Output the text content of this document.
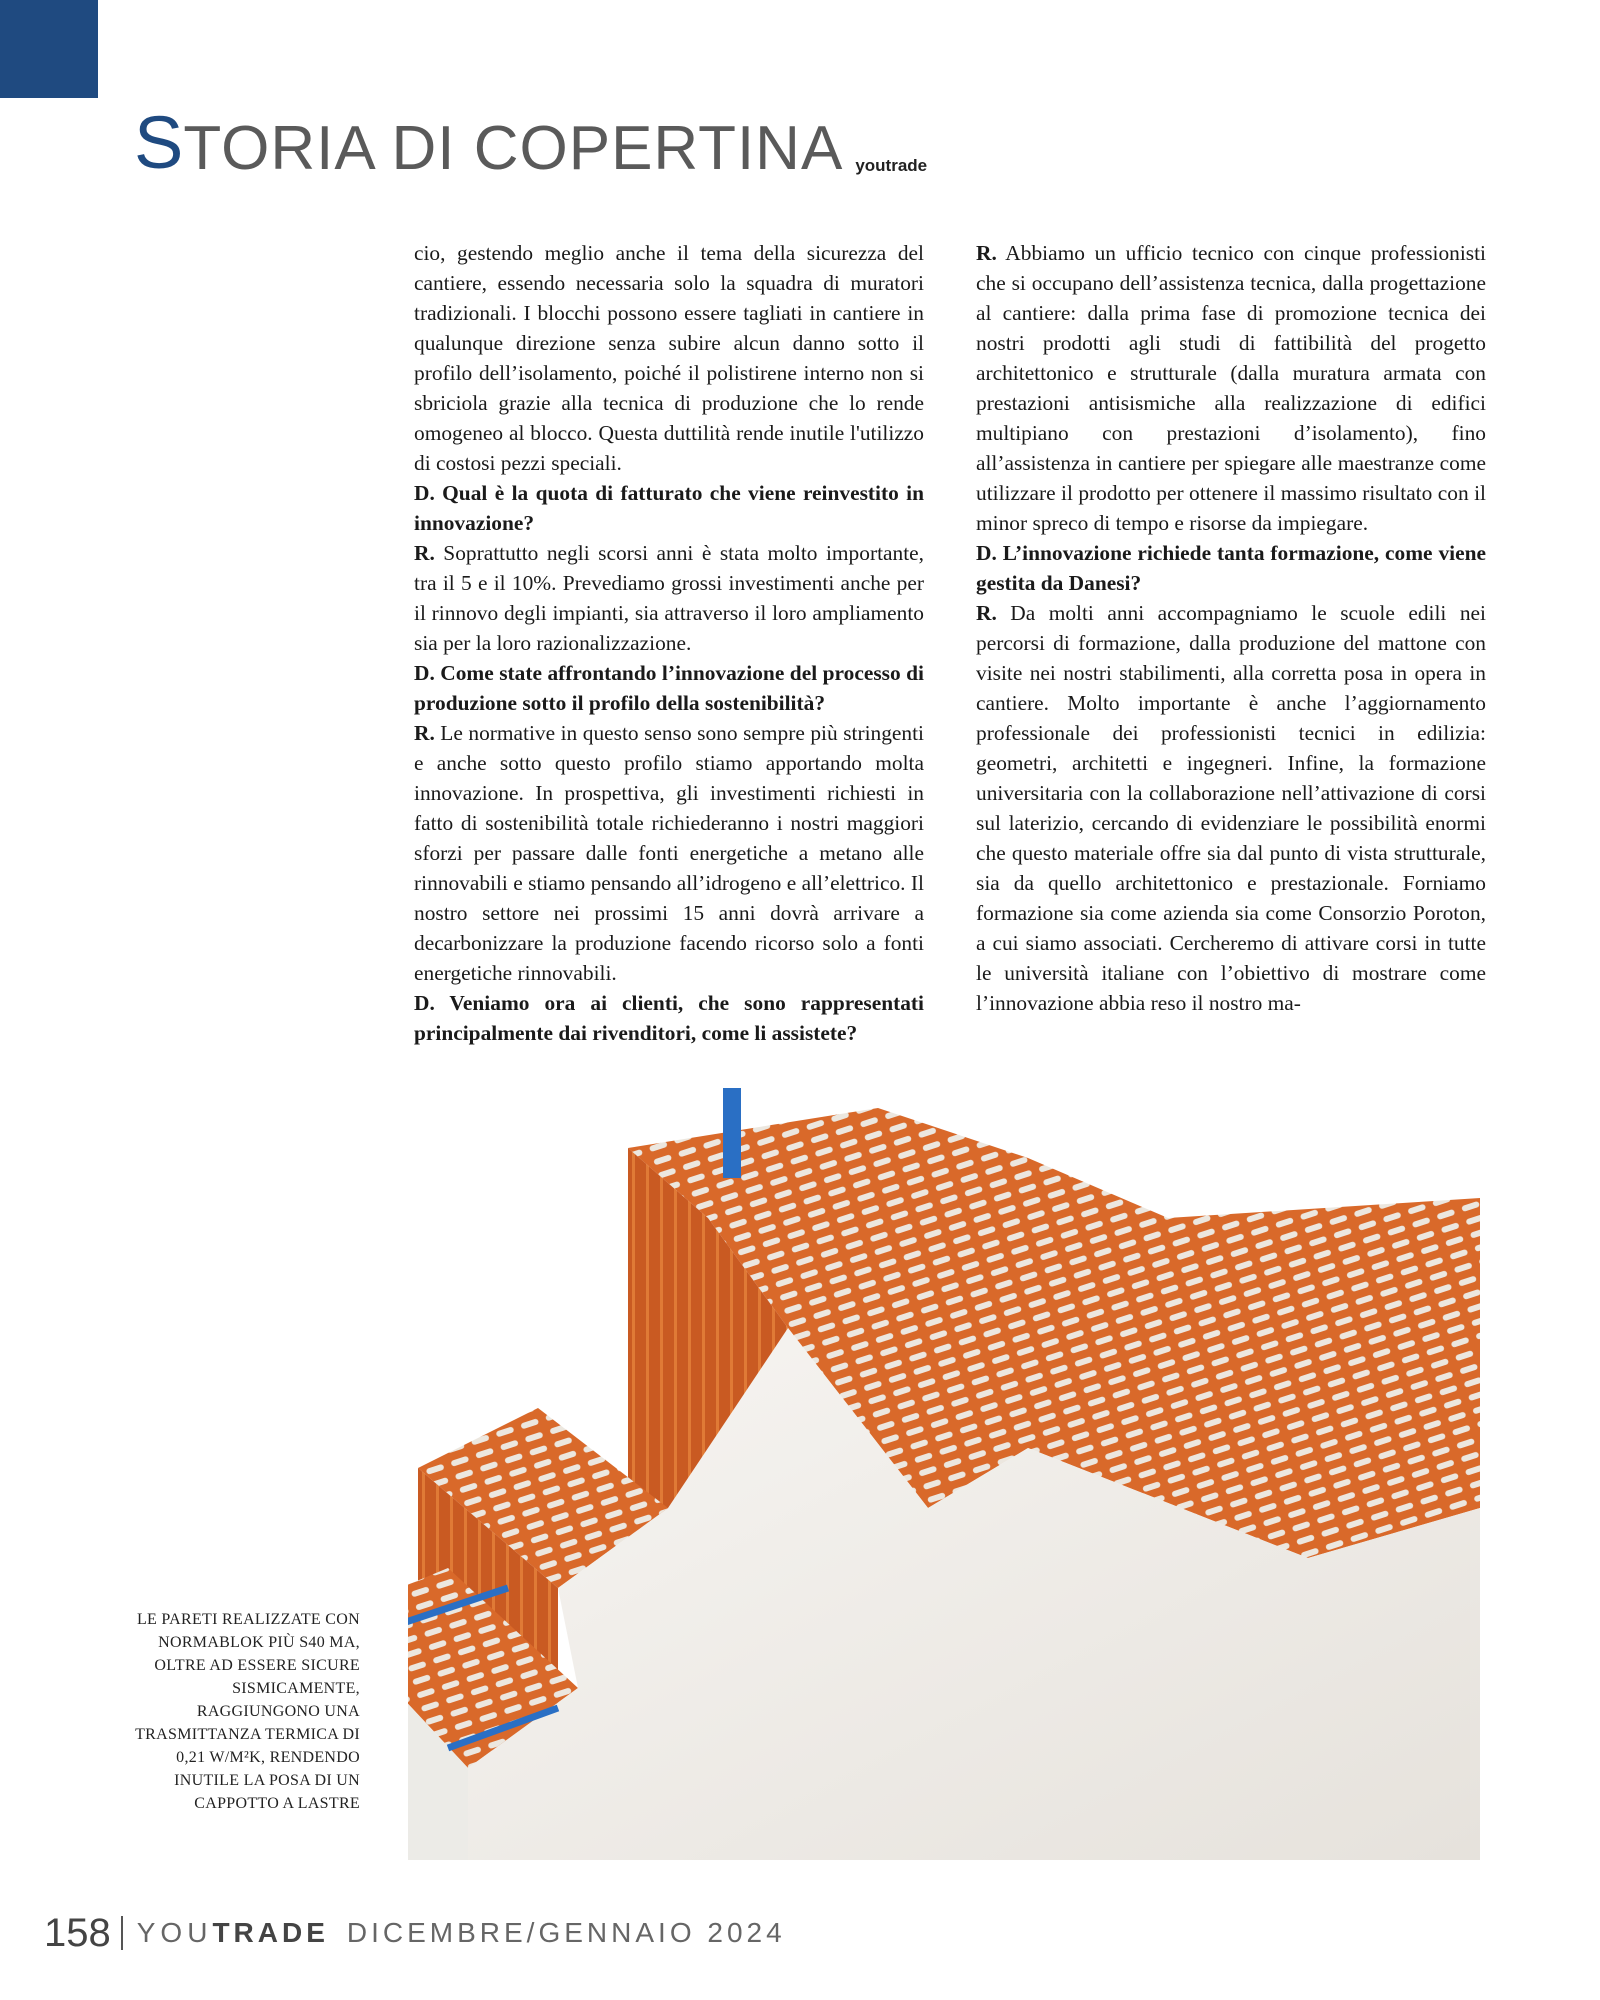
S TORIA DI COPERTINA youtrade

cio, gestendo meglio anche il tema della sicurezza del cantiere, essendo necessaria solo la squadra di muratori tradizionali. I blocchi possono essere tagliati in cantiere in qualunque direzione senza subire alcun danno sotto il profilo dell’isolamento, poiché il polistirene interno non si sbriciola grazie alla tecnica di produzione che lo rende omogeneo al blocco. Questa duttilità rende inutile l'utilizzo di costosi pezzi speciali.

D. Qual è la quota di fatturato che viene reinvestito in innovazione?

R. Soprattutto negli scorsi anni è stata molto importante, tra il 5 e il 10%. Prevediamo grossi investimenti anche per il rinnovo degli impianti, sia attraverso il loro ampliamento sia per la loro razionalizzazione.

D. Come state affrontando l’innovazione del processo di produzione sotto il profilo della sostenibilità?

R. Le normative in questo senso sono sempre più stringenti e anche sotto questo profilo stiamo apportando molta innovazione. In prospettiva, gli investimenti richiesti in fatto di sostenibilità totale richiederanno i nostri maggiori sforzi per passare dalle fonti energetiche a metano alle rinnovabili e stiamo pensando all’idrogeno e all’elettrico. Il nostro settore nei prossimi 15 anni dovrà arrivare a decarbonizzare la produzione facendo ricorso solo a fonti energetiche rinnovabili.

D. Veniamo ora ai clienti, che sono rappresentati principalmente dai rivenditori, come li assistete?

R. Abbiamo un ufficio tecnico con cinque professionisti che si occupano dell’assistenza tecnica, dalla progettazione al cantiere: dalla prima fase di promozione tecnica dei nostri prodotti agli studi di fattibilità del progetto architettonico e strutturale (dalla muratura armata con prestazioni antisismiche alla realizzazione di edifici multipiano con prestazioni d’isolamento), fino all’assistenza in cantiere per spiegare alle maestranze come utilizzare il prodotto per ottenere il massimo risultato con il minor spreco di tempo e risorse da impiegare.

D. L’innovazione richiede tanta formazione, come viene gestita da Danesi?

R. Da molti anni accompagniamo le scuole edili nei percorsi di formazione, dalla produzione del mattone con visite nei nostri stabilimenti, alla corretta posa in opera in cantiere. Molto importante è anche l’aggiornamento professionale dei professionisti tecnici in edilizia: geometri, architetti e ingegneri. Infine, la formazione universitaria con la collaborazione nell’attivazione di corsi sul laterizio, cercando di evidenziare le possibilità enormi che questo materiale offre sia dal punto di vista strutturale, sia da quello architettonico e prestazionale. Forniamo formazione sia come azienda sia come Consorzio Poroton, a cui siamo associati. Cercheremo di attivare corsi in tutte le università italiane con l’obiettivo di mostrare come l’innovazione abbia reso il nostro ma-

LE PARETI REALIZZATE CON NORMABLOK PIÙ S40 MA, OLTRE AD ESSERE SICURE SISMICAMENTE, RAGGIUNGONO UNA TRASMITTANZA TERMICA DI 0,21 W/M²K, RENDENDO INUTILE LA POSA DI UN CAPPOTTO A LASTRE
158 YOU TRADE DICEMBRE/GENNAIO 2024
